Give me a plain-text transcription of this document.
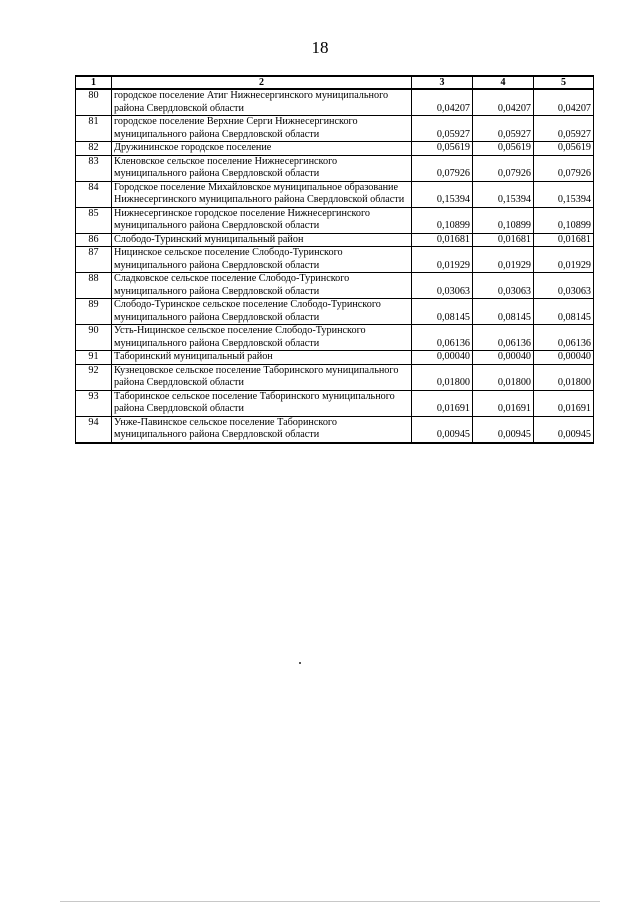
18
1	2	3	4	5
80	городское поселение Атиг Нижнесергинского муниципального района Свердловской области	0,04207	0,04207	0,04207
81	городское поселение Верхние Серги Нижнесергинского муниципального района Свердловской области	0,05927	0,05927	0,05927
82	Дружининское городское поселение	0,05619	0,05619	0,05619
83	Кленовское сельское поселение Нижнесергинского муниципального района Свердловской области	0,07926	0,07926	0,07926
84	Городское поселение Михайловское муниципальное образование Нижнесергинского муниципального района Свердловской области	0,15394	0,15394	0,15394
85	Нижнесергинское городское поселение Нижнесергинского муниципального района Свердловской области	0,10899	0,10899	0,10899
86	Слободо-Туринский муниципальный район	0,01681	0,01681	0,01681
87	Ницинское сельское поселение Слободо-Туринского муниципального района Свердловской области	0,01929	0,01929	0,01929
88	Сладковское сельское поселение Слободо-Туринского муниципального района Свердловской области	0,03063	0,03063	0,03063
89	Слободо-Туринское сельское поселение Слободо-Туринского муниципального района Свердловской области	0,08145	0,08145	0,08145
90	Усть-Ницинское сельское поселение Слободо-Туринского муниципального района Свердловской области	0,06136	0,06136	0,06136
91	Таборинский муниципальный район	0,00040	0,00040	0,00040
92	Кузнецовское сельское поселение Таборинского муниципального района Свердловской области	0,01800	0,01800	0,01800
93	Таборинское сельское поселение Таборинского муниципального района Свердловской области	0,01691	0,01691	0,01691
94	Унже-Павинское сельское поселение Таборинского муниципального района Свердловской области	0,00945	0,00945	0,00945
